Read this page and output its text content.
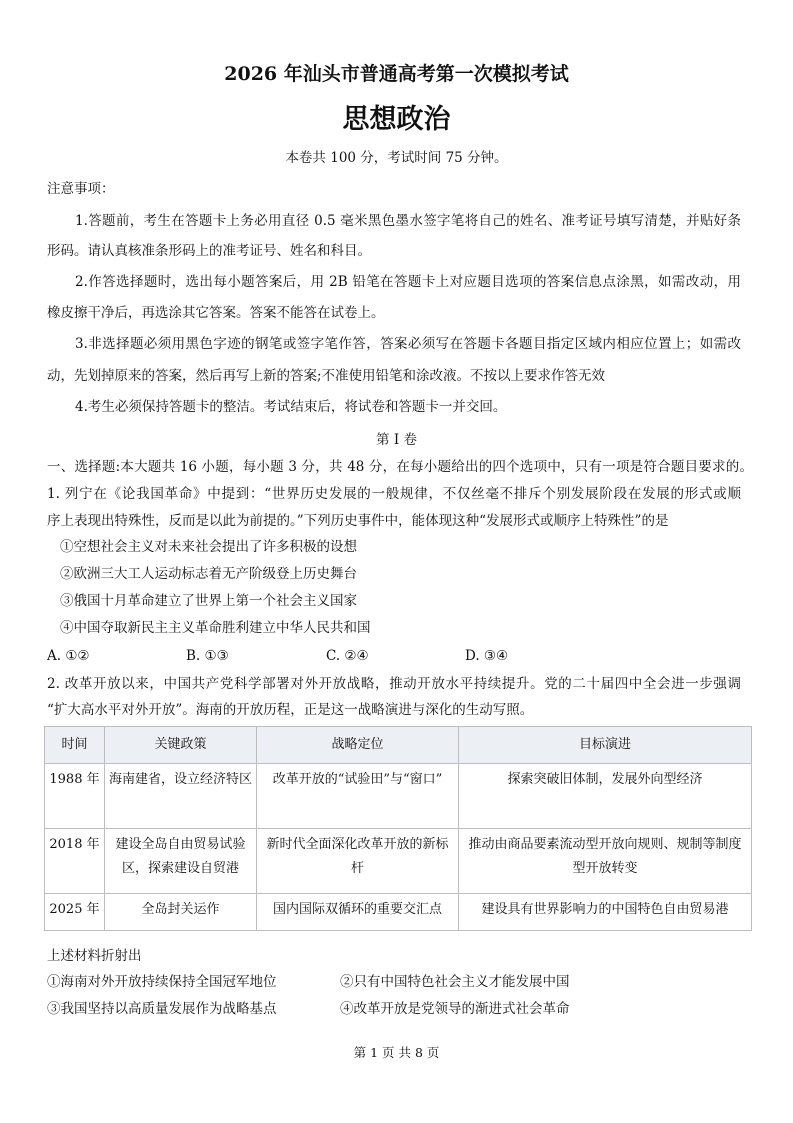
2026 年汕头市普通高考第一次模拟考试
思想政治
本卷共 100 分，考试时间 75 分钟。
注意事项：
1.答题前，考生在答题卡上务必用直径 0.5 毫米黑色墨水签字笔将自己的姓名、准考证号填写清楚，并贴好条
形码。请认真核准条形码上的准考证号、姓名和科目。
2.作答选择题时，选出每小题答案后，用 2B 铅笔在答题卡上对应题目选项的答案信息点涂黑，如需改动，用
橡皮擦干净后，再选涂其它答案。答案不能答在试卷上。
3.非选择题必须用黑色字迹的钢笔或签字笔作答，答案必须写在答题卡各题目指定区域内相应位置上；如需改
动，先划掉原来的答案，然后再写上新的答案;不准使用铅笔和涂改液。不按以上要求作答无效
4.考生必须保持答题卡的整洁。考试结束后，将试卷和答题卡一并交回。
第 I 卷
一、选择题:本大题共 16 小题，每小题 3 分，共 48 分，在每小题给出的四个选项中，只有一项是符合题目要求的。
1. 列宁在《论我国革命》中提到：“世界历史发展的一般规律，不仅丝毫不排斥个别发展阶段在发展的形式或顺
序上表现出特殊性，反而是以此为前提的。”下列历史事件中，能体现这种“发展形式或顺序上特殊性”的是
①空想社会主义对未来社会提出了许多积极的设想
②欧洲三大工人运动标志着无产阶级登上历史舞台
③俄国十月革命建立了世界上第一个社会主义国家
④中国夺取新民主主义革命胜利建立中华人民共和国
A. ①②	B. ①③	C. ②④	D. ③④
2. 改革开放以来，中国共产党科学部署对外开放战略，推动开放水平持续提升。党的二十届四中全会进一步强调
“扩大高水平对外开放”。海南的开放历程，正是这一战略演进与深化的生动写照。
时间	关键政策	战略定位	目标演进
1988 年	海南建省，设立经济特区	改革开放的“试验田”与“窗口”	探索突破旧体制，发展外向型经济
2018 年	建设全岛自由贸易试验区，探索建设自贸港	新时代全面深化改革开放的新标杆	推动由商品要素流动型开放向规则、规制等制度型开放转变
2025 年	全岛封关运作	国内国际双循环的重要交汇点	建设具有世界影响力的中国特色自由贸易港
上述材料折射出
①海南对外开放持续保持全国冠军地位	②只有中国特色社会主义才能发展中国
③我国坚持以高质量发展作为战略基点	④改革开放是党领导的渐进式社会革命
第 1 页 共 8 页
